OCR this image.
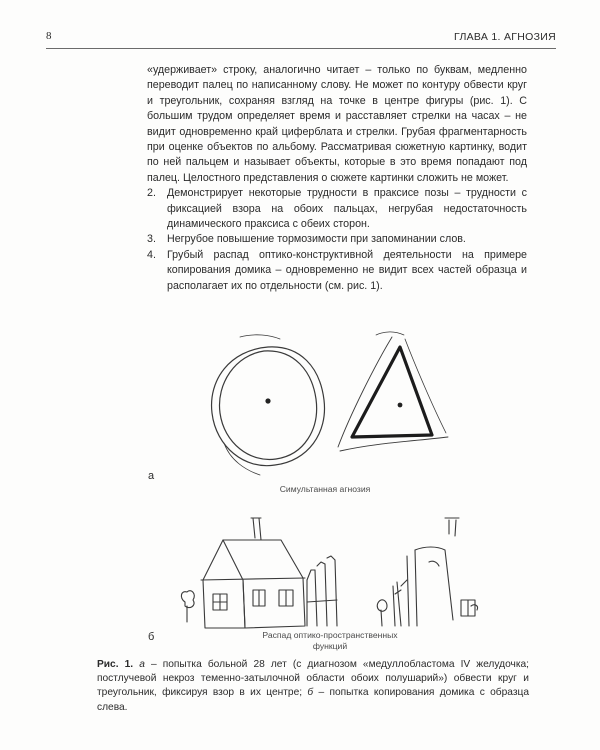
8	ГЛАВА 1. АГНОЗИЯ

«удерживает» строку, аналогично читает – только по буквам, медленно переводит палец по написанному слову. Не может по контуру обвести круг и треугольник, сохраняя взгляд на точке в центре фигуры (рис. 1). С большим трудом определяет время и расставляет стрелки на часах – не видит одновременно край циферблата и стрелки. Грубая фрагментарность при оценке объектов по альбому. Рассматривая сюжетную картинку, водит по ней пальцем и называет объекты, которые в это время попадают под палец. Целостного представления о сюжете картинки сложить не может.

2. Демонстрирует некоторые трудности в праксисе позы – трудности с фиксацией взора на обоих пальцах, негрубая недостаточность динамического праксиса с обеих сторон.
3. Негрубое повышение тормозимости при запоминании слов.
4. Грубый распад оптико-конструктивной деятельности на примере копирования домика – одновременно не видит всех частей образца и располагает их по отдельности (см. рис. 1).
а
Симультанная агнозия
б	Распад оптико-пространственных функций
Рис. 1. а – попытка больной 28 лет (с диагнозом «медуллобластома IV желудочка; постлучевой некроз теменно-затылочной области обоих полушарий») обвести круг и треугольник, фиксируя взор в их центре; б – попытка копирования домика с образца слева.
